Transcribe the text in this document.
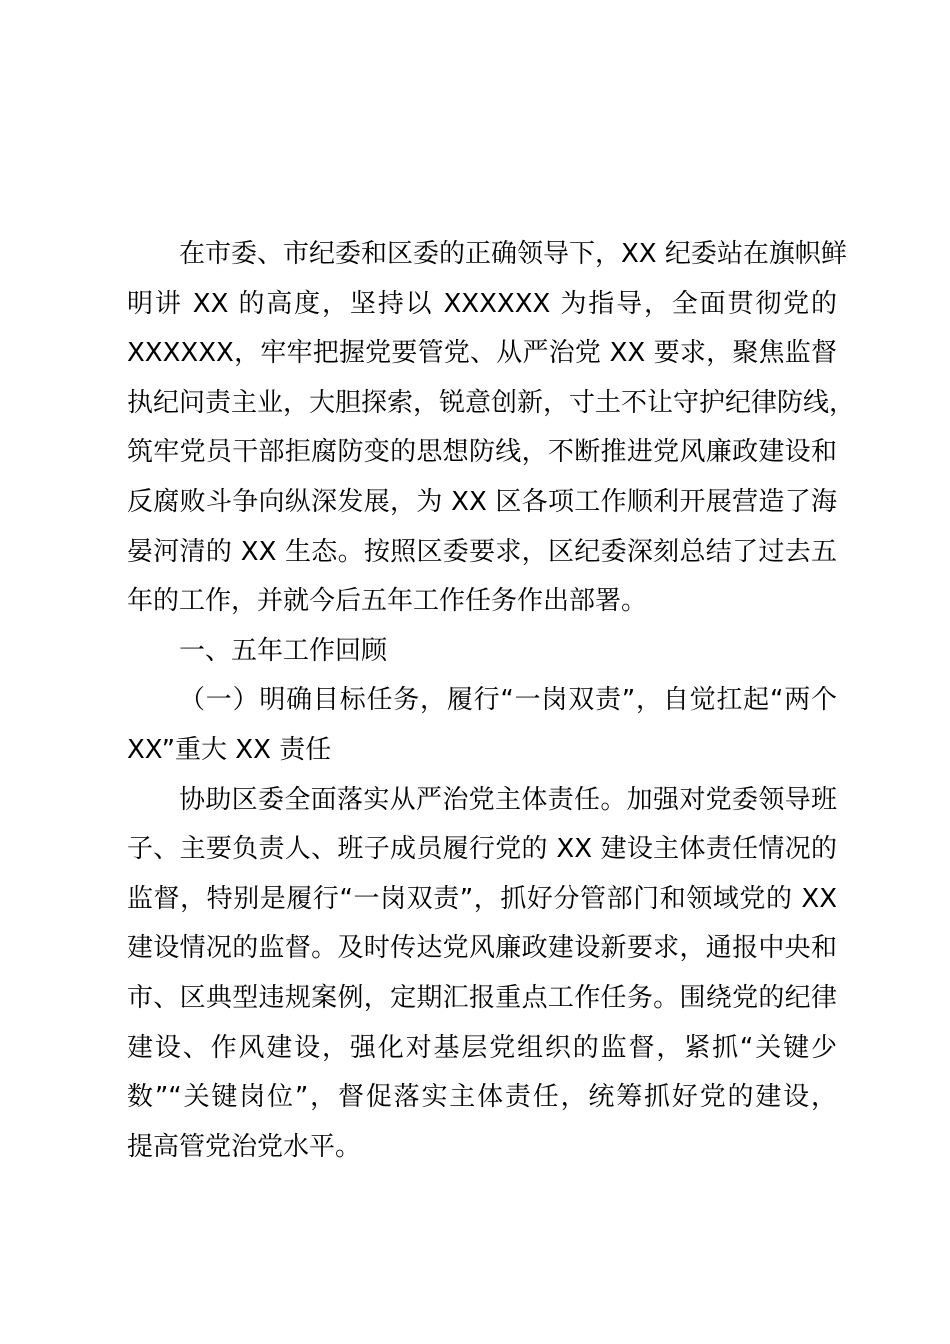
在市委、市纪委和区委的正确领导下，XX 纪委站在旗帜鲜
明讲 XX 的高度，坚持以 XXXXXX 为指导，全面贯彻党的
XXXXXX，牢牢把握党要管党、从严治党 XX 要求，聚焦监督
执纪问责主业，大胆探索，锐意创新，寸土不让守护纪律防线，
筑牢党员干部拒腐防变的思想防线，不断推进党风廉政建设和
反腐败斗争向纵深发展，为 XX 区各项工作顺利开展营造了海
晏河清的 XX 生态。按照区委要求，区纪委深刻总结了过去五
年的工作，并就今后五年工作任务作出部署。
一、五年工作回顾
（一）明确目标任务，履行“一岗双责”，自觉扛起“两个
XX”重大 XX 责任
协助区委全面落实从严治党主体责任。加强对党委领导班
子、主要负责人、班子成员履行党的 XX 建设主体责任情况的
监督，特别是履行“一岗双责”，抓好分管部门和领域党的 XX
建设情况的监督。及时传达党风廉政建设新要求，通报中央和
市、区典型违规案例，定期汇报重点工作任务。围绕党的纪律
建设、作风建设，强化对基层党组织的监督，紧抓“关键少
数”“关键岗位”，督促落实主体责任，统筹抓好党的建设，
提高管党治党水平。
